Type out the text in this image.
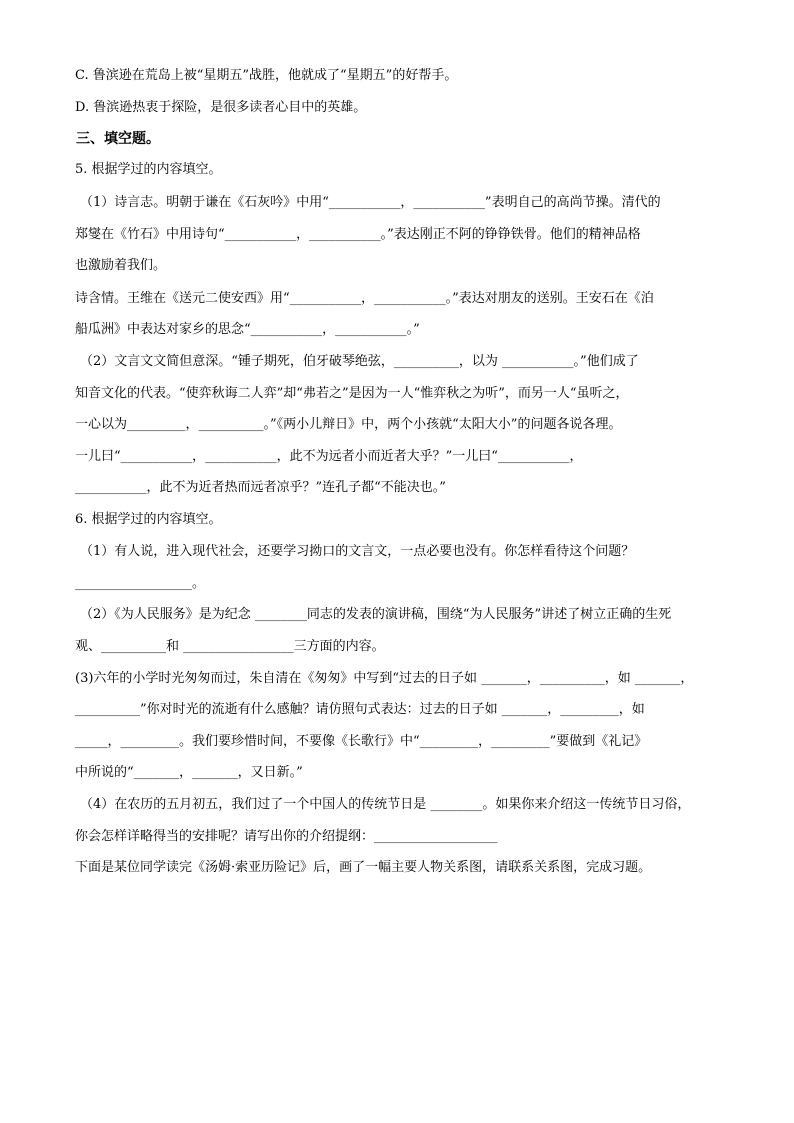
C. 鲁滨逊在荒岛上被“星期五”战胜，他就成了“星期五”的好帮手。
D. 鲁滨逊热衷于探险，是很多读者心目中的英雄。
三、填空题。
5. 根据学过的内容填空。
（1）诗言志。明朝于谦在《石灰吟》中用“___________，___________”表明自己的高尚节操。清代的
郑燮在《竹石》中用诗句“___________，___________。”表达刚正不阿的铮铮铁骨。他们的精神品格
也激励着我们。
诗含情。王维在《送元二使安西》用“___________，___________。”表达对朋友的送别。王安石在《泊
船瓜洲》中表达对家乡的思念“___________，___________。”
（2）文言文文简但意深。“锺子期死，伯牙破琴绝弦，__________，以为 ___________。”他们成了
知音文化的代表。“使弈秋诲二人弈”却“弗若之”是因为一人“惟弈秋之为听”，而另一人“虽听之，
一心以为_________，__________。”《两小儿辩日》中，两个小孩就“太阳大小”的问题各说各理。
一儿曰“___________，___________，此不为远者小而近者大乎？”一儿曰“___________，
___________，此不为近者热而远者凉乎？”连孔子都“不能决也。”
6. 根据学过的内容填空。
（1）有人说，进入现代社会，还要学习拗口的文言文，一点必要也没有。你怎样看待这个问题？
__________________。
（2）《为人民服务》是为纪念 ________同志的发表的演讲稿，围绕“为人民服务”讲述了树立正确的生死
观、__________和 _________________三方面的内容。
(3)六年的小学时光匆匆而过，朱自清在《匆匆》中写到“过去的日子如 _______，__________，如 _______，
__________”你对时光的流逝有什么感触？请仿照句式表达：过去的日子如 _______，_________，如
_____，_________。我们要珍惜时间，不要像《长歌行》中“_________，_________”要做到《礼记》
中所说的“_______，_______，又日新。”
（4）在农历的五月初五，我们过了一个中国人的传统节日是 ________。如果你来介绍这一传统节日习俗，
你会怎样详略得当的安排呢？请写出你的介绍提纲：___________________
下面是某位同学读完《汤姆·索亚历险记》后，画了一幅主要人物关系图，请联系关系图，完成习题。
